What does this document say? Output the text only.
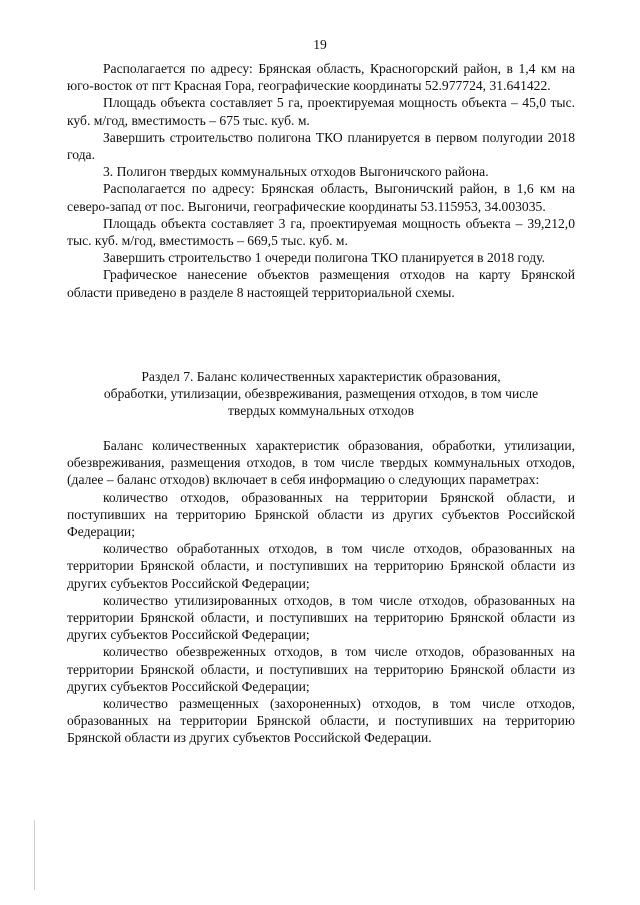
19

Располагается по адресу: Брянская область, Красногорский район, в 1,4 км на юго-восток от пгт Красная Гора, географические координаты 52.977724, 31.641422.

Площадь объекта составляет 5 га, проектируемая мощность объекта – 45,0 тыс. куб. м/год, вместимость – 675 тыс. куб. м.

Завершить строительство полигона ТКО планируется в первом полугодии 2018 года.

3. Полигон твердых коммунальных отходов Выгоничского района.

Располагается по адресу: Брянская область, Выгоничский район, в 1,6 км на северо-запад от пос. Выгоничи, географические координаты 53.115953, 34.003035.

Площадь объекта составляет 3 га, проектируемая мощность объекта – 39,212,0 тыс. куб. м/год, вместимость – 669,5 тыс. куб. м.

Завершить строительство 1 очереди полигона ТКО планируется в 2018 году.

Графическое нанесение объектов размещения отходов на карту Брянской области приведено в разделе 8 настоящей территориальной схемы.

Раздел 7. Баланс количественных характеристик образования,
обработки, утилизации, обезвреживания, размещения отходов, в том числе
твердых коммунальных отходов

Баланс количественных характеристик образования, обработки, утилизации, обезвреживания, размещения отходов, в том числе твердых коммунальных отходов, (далее – баланс отходов) включает в себя информацию о следующих параметрах:

количество отходов, образованных на территории Брянской области, и поступивших на территорию Брянской области из других субъектов Российской Федерации;

количество обработанных отходов, в том числе отходов, образованных на территории Брянской области, и поступивших на территорию Брянской области из других субъектов Российской Федерации;

количество утилизированных отходов, в том числе отходов, образованных на территории Брянской области, и поступивших на территорию Брянской области из других субъектов Российской Федерации;

количество обезвреженных отходов, в том числе отходов, образованных на территории Брянской области, и поступивших на территорию Брянской области из других субъектов Российской Федерации;

количество размещенных (захороненных) отходов, в том числе отходов, образованных на территории Брянской области, и поступивших на территорию Брянской области из других субъектов Российской Федерации.
